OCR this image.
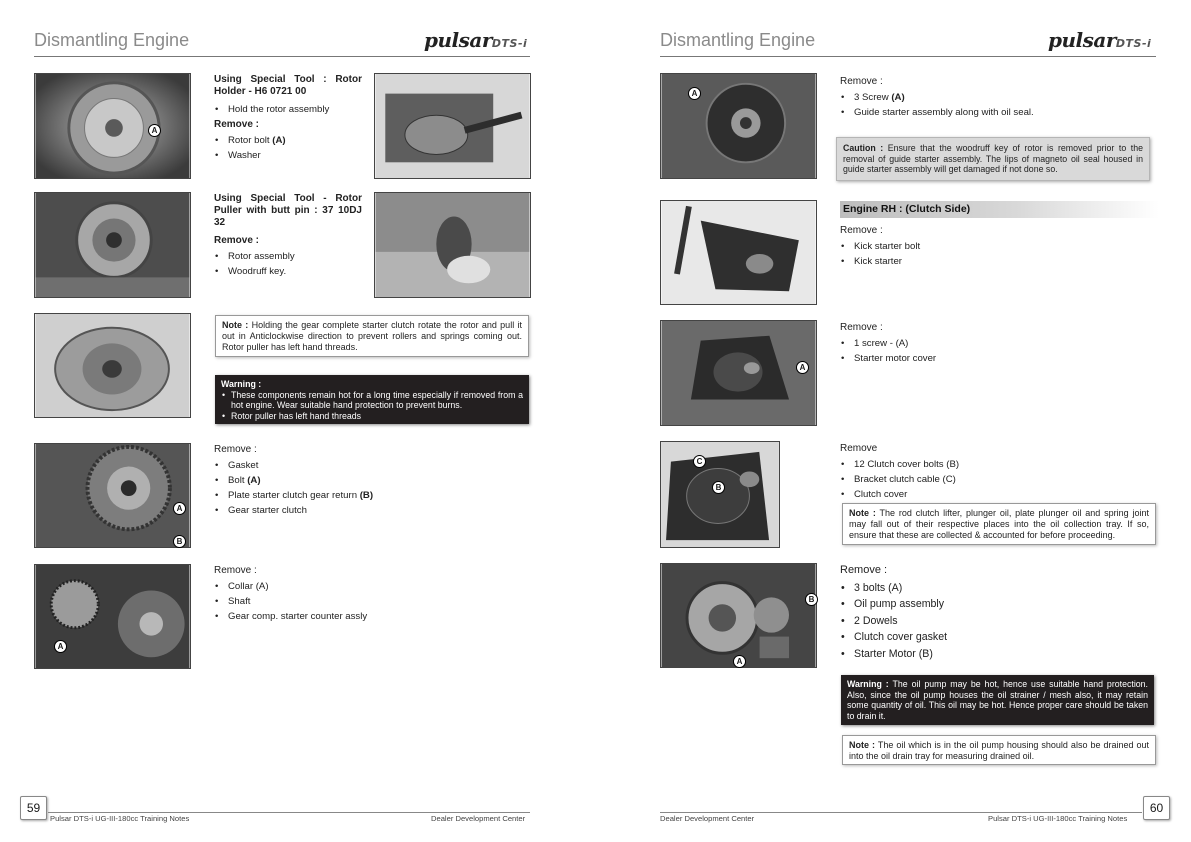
Dismantling Engine	pulsarDTS-i
A
Using Special Tool : Rotor Holder - H6 0721 00
• Hold the rotor assembly
Remove :
• Rotor bolt (A)
• Washer
Using Special Tool - Rotor Puller with butt pin : 37 10DJ 32
Remove :
• Rotor assembly
• Woodruff key.
Note : Holding the gear complete starter clutch rotate the rotor and pull it out in Anticlockwise direction to prevent rollers and springs coming out. Rotor puller has left hand threads.
Warning :
• These components remain hot for a long time especially if removed from a hot engine. Wear suitable hand protection to prevent burns.
• Rotor puller has left hand threads
A
B
Remove :
• Gasket
• Bolt (A)
• Plate starter clutch gear return (B)
• Gear starter clutch
A
Remove :
• Collar (A)
• Shaft
• Gear comp. starter counter assly
59
Pulsar DTS-i UG-III-180cc Training Notes	Dealer Development Center
Dismantling Engine	pulsarDTS-i
A
Remove :
• 3 Screw (A)
• Guide starter assembly along with oil seal.
Caution : Ensure that the woodruff key of rotor is removed prior to the removal of guide starter assembly. The lips of magneto oil seal housed in guide starter assembly will get damaged if not done so.
Engine RH : (Clutch Side)
Remove :
• Kick starter bolt
• Kick starter
A
Remove :
• 1 screw - (A)
• Starter motor cover
C
B
Remove
• 12 Clutch cover bolts (B)
• Bracket clutch cable (C)
• Clutch cover
Note : The rod clutch lifter, plunger oil, plate plunger oil and spring joint may fall out of their respective places into the oil collection tray. If so, ensure that these are collected & accounted for before proceeding.
B
A
Remove :
• 3 bolts (A)
• Oil pump assembly
• 2 Dowels
• Clutch cover gasket
• Starter Motor (B)
Warning : The oil pump may be hot, hence use suitable hand protection. Also, since the oil pump houses the oil strainer / mesh also, it may retain some quantity of oil. This oil may be hot. Hence proper care should be taken to drain it.
Note : The oil which is in the oil pump housing should also be drained out into the oil drain tray for measuring drained oil.
Dealer Development Center	Pulsar DTS-i UG-III-180cc Training Notes
60
